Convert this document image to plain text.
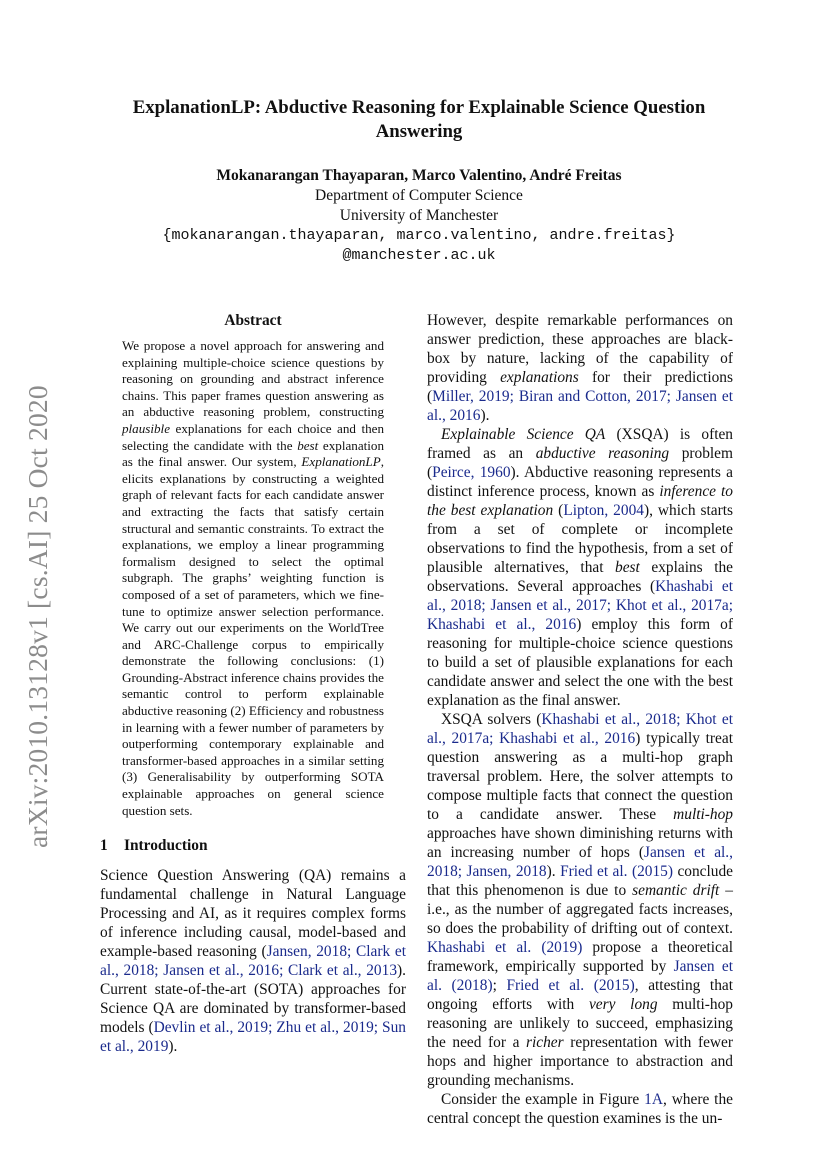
arXiv:2010.13128v1 [cs.AI] 25 Oct 2020
ExplanationLP: Abductive Reasoning for Explainable Science Question Answering
Mokanarangan Thayaparan, Marco Valentino, André Freitas
Department of Computer Science
University of Manchester
{mokanarangan.thayaparan, marco.valentino, andre.freitas}
@manchester.ac.uk
Abstract
We propose a novel approach for answering and explaining multiple-choice science questions by reasoning on grounding and abstract inference chains. This paper frames question answering as an abductive reasoning problem, constructing plausible explanations for each choice and then selecting the candidate with the best explanation as the final answer. Our system, ExplanationLP, elicits explanations by constructing a weighted graph of relevant facts for each candidate answer and extracting the facts that satisfy certain structural and semantic constraints. To extract the explanations, we employ a linear programming formalism designed to select the optimal subgraph. The graphs’ weighting function is composed of a set of parameters, which we fine-tune to optimize answer selection performance. We carry out our experiments on the WorldTree and ARC-Challenge corpus to empirically demonstrate the following conclusions: (1) Grounding-Abstract inference chains provides the semantic control to perform explainable abductive reasoning (2) Efficiency and robustness in learning with a fewer number of parameters by outperforming contemporary explainable and transformer-based approaches in a similar setting (3) Generalisability by outperforming SOTA explainable approaches on general science question sets.
1 Introduction

Science Question Answering (QA) remains a fundamental challenge in Natural Language Processing and AI, as it requires complex forms of inference including causal, model-based and example-based reasoning (Jansen, 2018; Clark et al., 2018; Jansen et al., 2016; Clark et al., 2013). Current state-of-the-art (SOTA) approaches for Science QA are dominated by transformer-based models (Devlin et al., 2019; Zhu et al., 2019; Sun et al., 2019).

However, despite remarkable performances on answer prediction, these approaches are black-box by nature, lacking of the capability of providing explanations for their predictions (Miller, 2019; Biran and Cotton, 2017; Jansen et al., 2016).

Explainable Science QA (XSQA) is often framed as an abductive reasoning problem (Peirce, 1960). Abductive reasoning represents a distinct inference process, known as inference to the best explanation (Lipton, 2004), which starts from a set of complete or incomplete observations to find the hypothesis, from a set of plausible alternatives, that best explains the observations. Several approaches (Khashabi et al., 2018; Jansen et al., 2017; Khot et al., 2017a; Khashabi et al., 2016) employ this form of reasoning for multiple-choice science questions to build a set of plausible explanations for each candidate answer and select the one with the best explanation as the final answer.

XSQA solvers (Khashabi et al., 2018; Khot et al., 2017a; Khashabi et al., 2016) typically treat question answering as a multi-hop graph traversal problem. Here, the solver attempts to compose multiple facts that connect the question to a candidate answer. These multi-hop approaches have shown diminishing returns with an increasing number of hops (Jansen et al., 2018; Jansen, 2018). Fried et al. (2015) conclude that this phenomenon is due to semantic drift – i.e., as the number of aggregated facts increases, so does the probability of drifting out of context. Khashabi et al. (2019) propose a theoretical framework, empirically supported by Jansen et al. (2018); Fried et al. (2015), attesting that ongoing efforts with very long multi-hop reasoning are unlikely to succeed, emphasizing the need for a richer representation with fewer hops and higher importance to abstraction and grounding mechanisms.

Consider the example in Figure 1A, where the central concept the question examines is the un-
